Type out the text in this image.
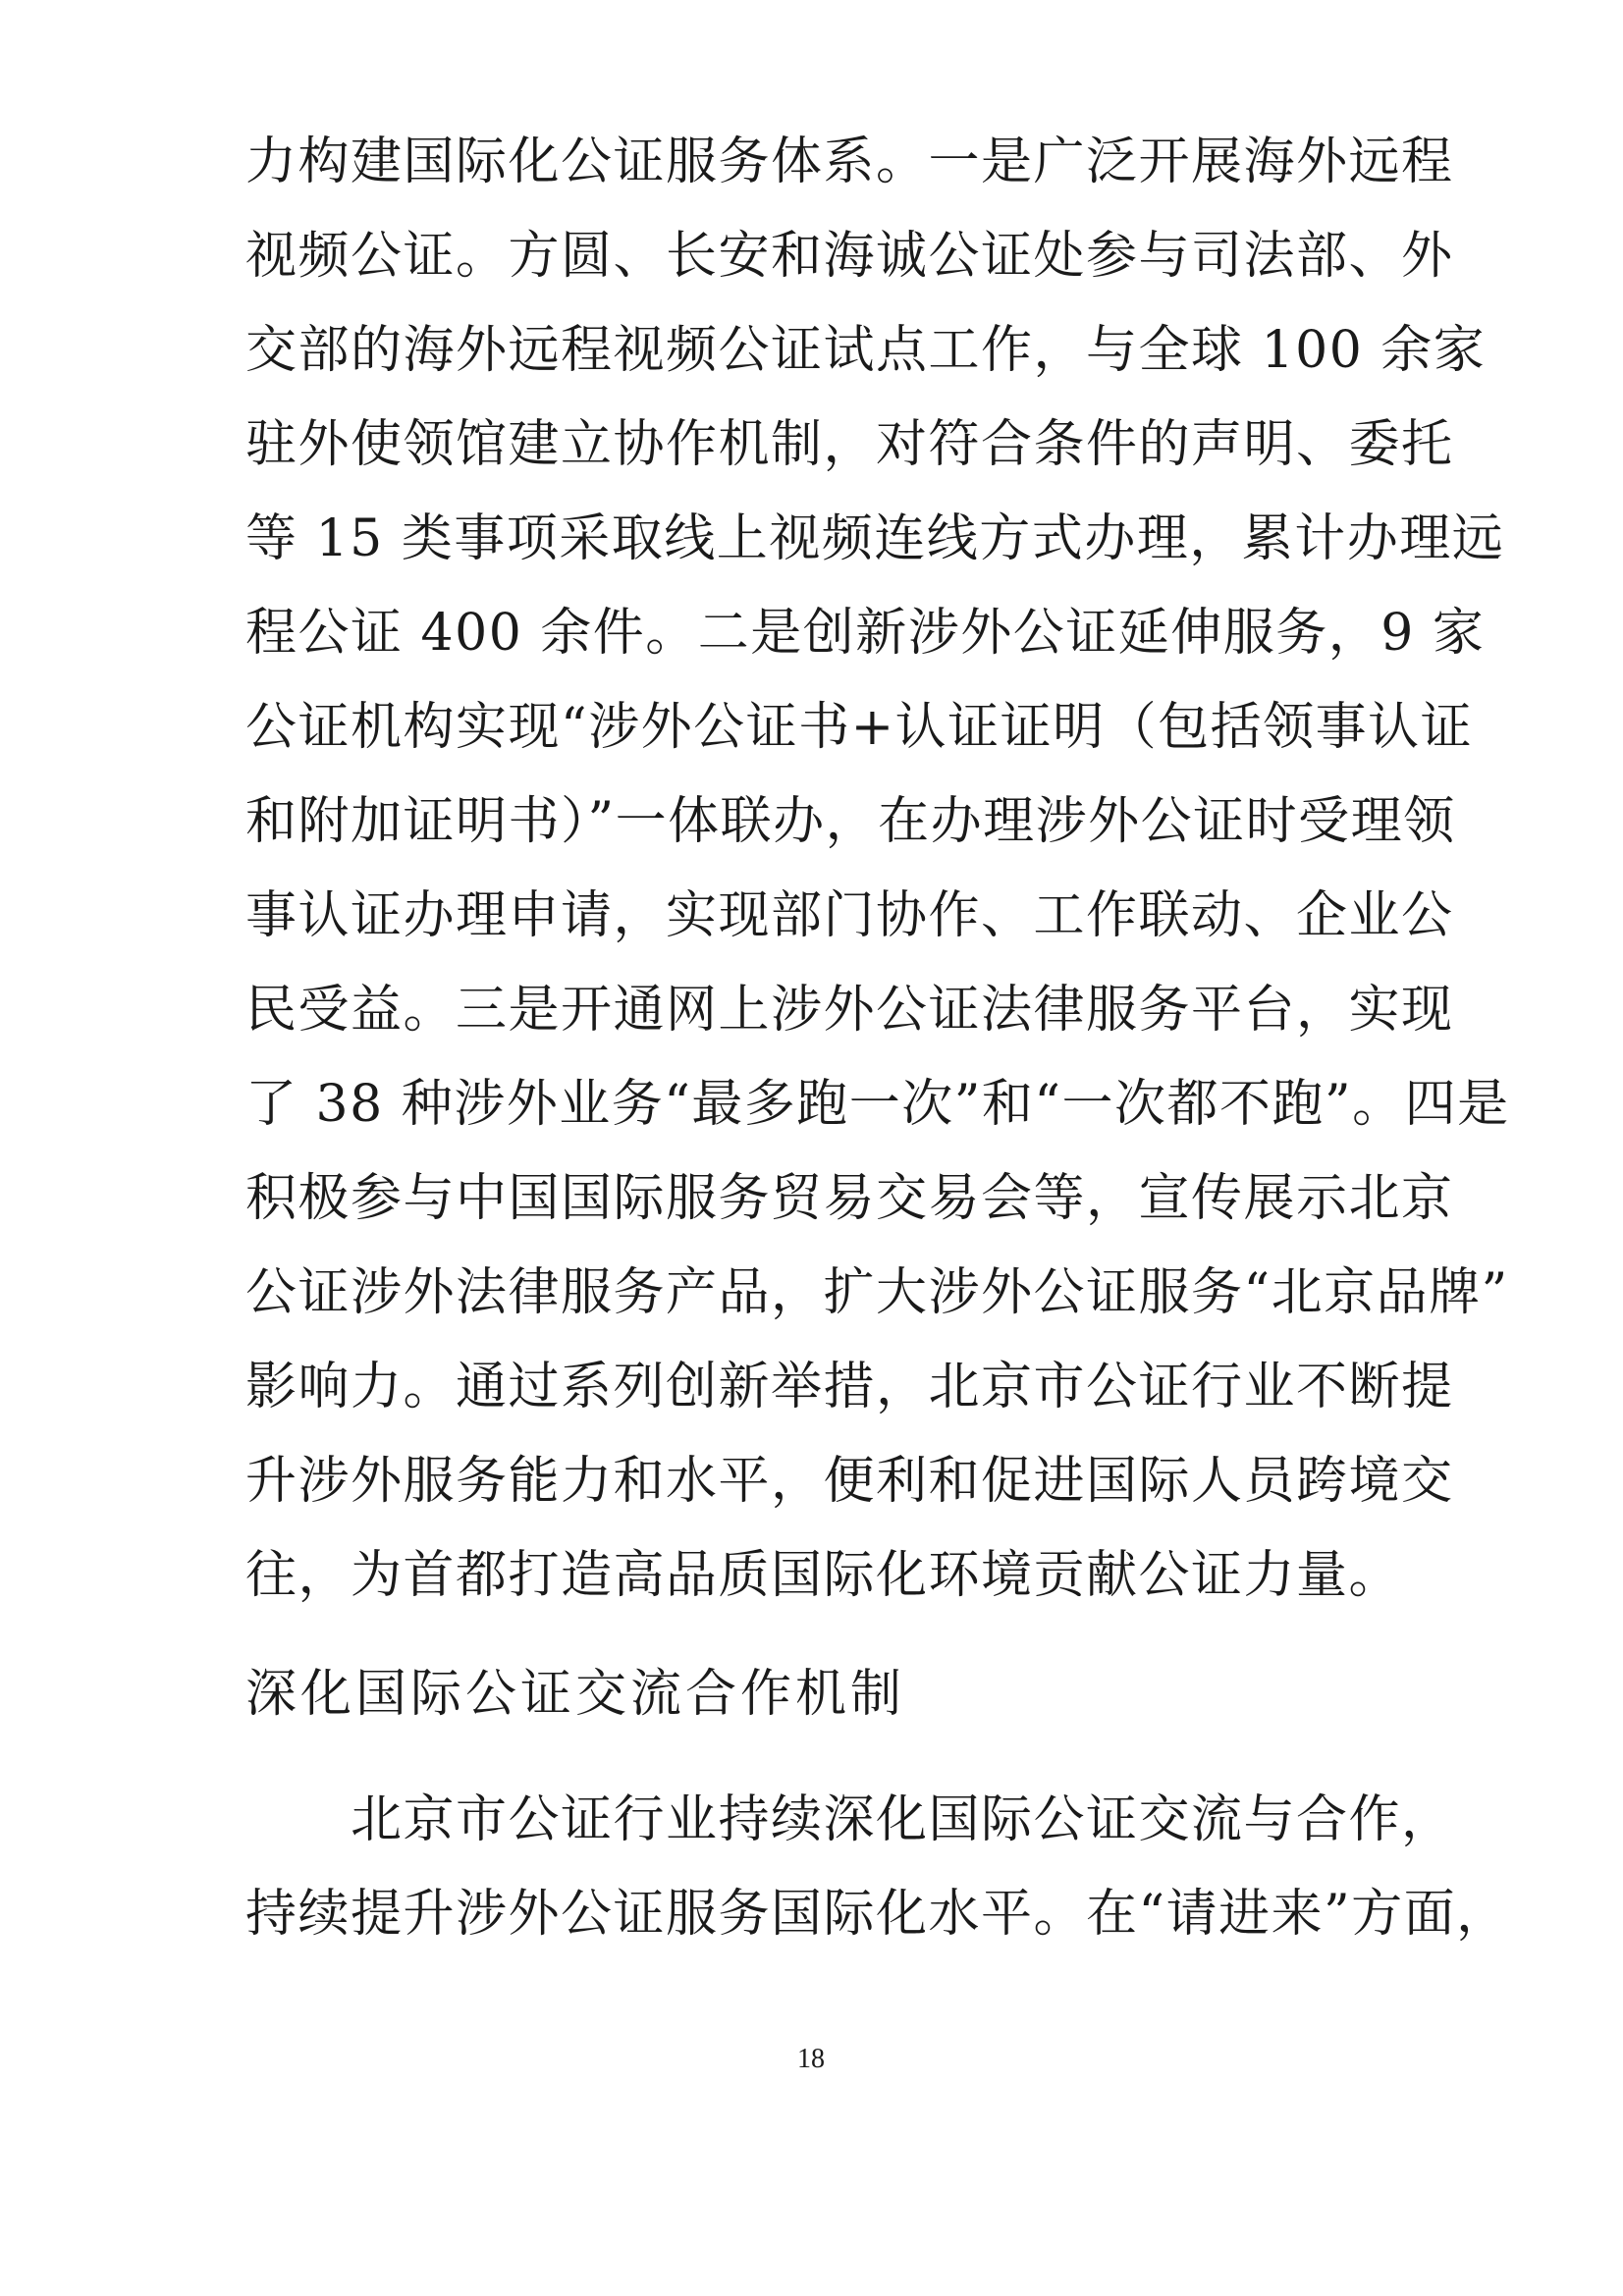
力构建国际化公证服务体系。一是广泛开展海外远程
视频公证。方圆、长安和海诚公证处参与司法部、外
交部的海外远程视频公证试点工作，与全球 100 余家
驻外使领馆建立协作机制，对符合条件的声明、委托
等 15 类事项采取线上视频连线方式办理，累计办理远
程公证 400 余件。二是创新涉外公证延伸服务，9 家
公证机构实现“涉外公证书+认证证明（包括领事认证
和附加证明书）”一体联办，在办理涉外公证时受理领
事认证办理申请，实现部门协作、工作联动、企业公
民受益。三是开通网上涉外公证法律服务平台，实现
了 38 种涉外业务“最多跑一次”和“一次都不跑”。四是
积极参与中国国际服务贸易交易会等，宣传展示北京
公证涉外法律服务产品，扩大涉外公证服务“北京品牌”
影响力。通过系列创新举措，北京市公证行业不断提
升涉外服务能力和水平，便利和促进国际人员跨境交
往，为首都打造高品质国际化环境贡献公证力量。
深化国际公证交流合作机制
　　北京市公证行业持续深化国际公证交流与合作，
持续提升涉外公证服务国际化水平。在“请进来”方面，
18
